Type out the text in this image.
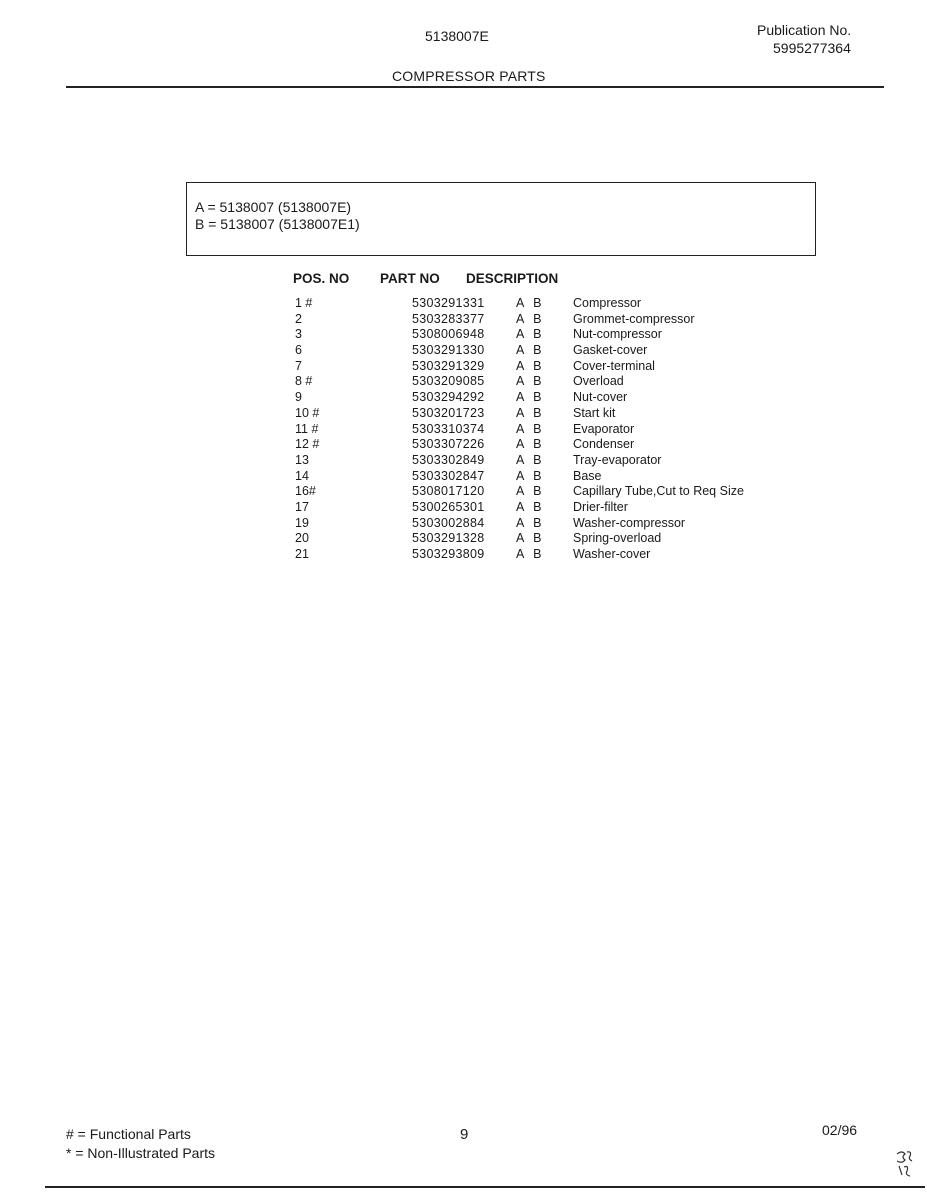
5138007E	Publication No.
5995277364
COMPRESSOR PARTS
A = 5138007 (5138007E)
B = 5138007 (5138007E1)
POS. NO PART NO DESCRIPTION
1 #	5303291331	A B Compressor
2	5303283377	A B Grommet-compressor
3	5308006948	A B Nut-compressor
6	5303291330	A B Gasket-cover
7	5303291329	A B Cover-terminal
8 #	5303209085	A B Overload
9	5303294292	A B Nut-cover
10 #	5303201723	A B Start kit
11 #	5303310374	A B Evaporator
12 #	5303307226	A B Condenser
13	5303302849	A B Tray-evaporator
14	5303302847	A B Base
16#	5308017120	A B Capillary Tube,Cut to Req Size
17	5300265301	A B Drier-filter
19	5303002884	A B Washer-compressor
20	5303291328	A B Spring-overload
21	5303293809	A B Washer-cover
# = Functional Parts
* = Non-Illustrated Parts
9	02/96
